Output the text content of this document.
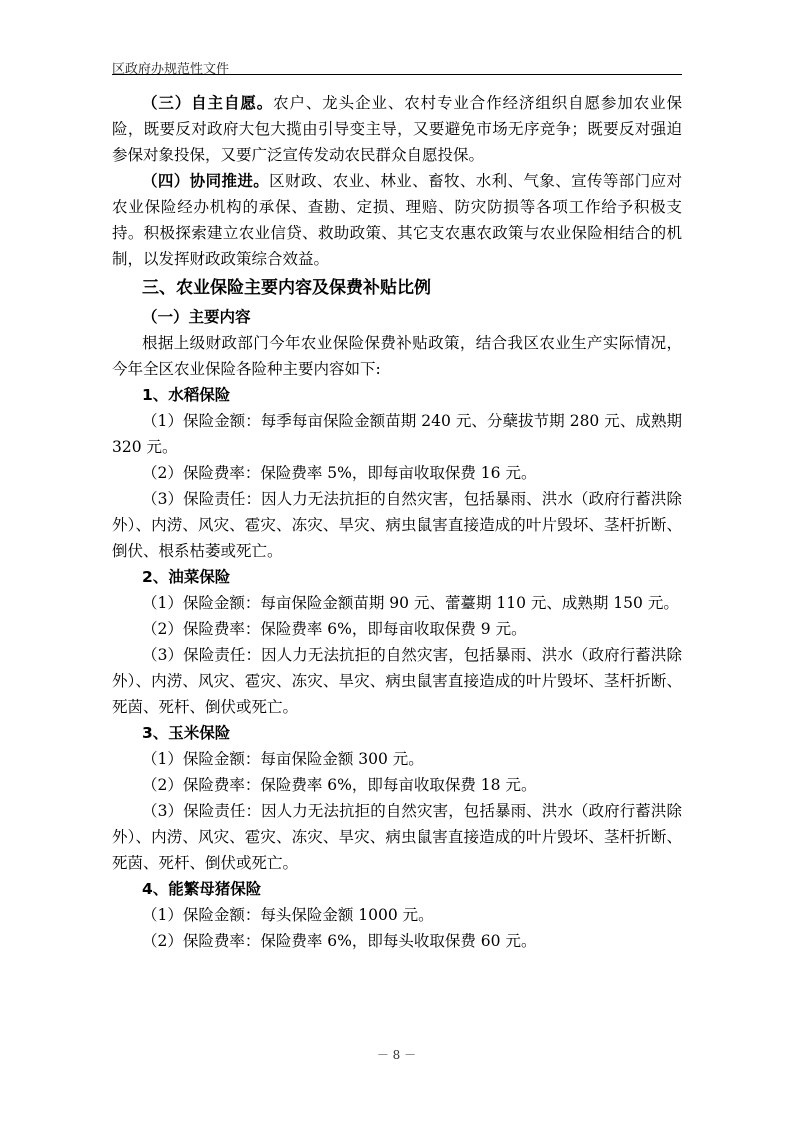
区政府办规范性文件

（三）自主自愿。农户、龙头企业、农村专业合作经济组织自愿参加农业保险，既要反对政府大包大揽由引导变主导，又要避免市场无序竞争；既要反对强迫参保对象投保，又要广泛宣传发动农民群众自愿投保。

（四）协同推进。区财政、农业、林业、畜牧、水利、气象、宣传等部门应对农业保险经办机构的承保、查勘、定损、理赔、防灾防损等各项工作给予积极支持。积极探索建立农业信贷、救助政策、其它支农惠农政策与农业保险相结合的机制，以发挥财政政策综合效益。

三、农业保险主要内容及保费补贴比例

（一）主要内容

根据上级财政部门今年农业保险保费补贴政策，结合我区农业生产实际情况，今年全区农业保险各险种主要内容如下:

1、水稻保险

（1）保险金额：每季每亩保险金额苗期 240 元、分蘖拔节期 280 元、成熟期 320 元。

（2）保险费率：保险费率 5%，即每亩收取保费 16 元。

（3）保险责任：因人力无法抗拒的自然灾害，包括暴雨、洪水（政府行蓄洪除外）、内涝、风灾、雹灾、冻灾、旱灾、病虫鼠害直接造成的叶片毁坏、茎杆折断、倒伏、根系枯萎或死亡。

2、油菜保险

（1）保险金额：每亩保险金额苗期 90 元、蕾薹期 110 元、成熟期 150 元。

（2）保险费率：保险费率 6%，即每亩收取保费 9 元。

（3）保险责任：因人力无法抗拒的自然灾害，包括暴雨、洪水（政府行蓄洪除外）、内涝、风灾、雹灾、冻灾、旱灾、病虫鼠害直接造成的叶片毁坏、茎杆折断、死茵、死杆、倒伏或死亡。

3、玉米保险

（1）保险金额：每亩保险金额 300 元。

（2）保险费率：保险费率 6%，即每亩收取保费 18 元。

（3）保险责任：因人力无法抗拒的自然灾害，包括暴雨、洪水（政府行蓄洪除外）、内涝、风灾、雹灾、冻灾、旱灾、病虫鼠害直接造成的叶片毁坏、茎杆折断、死茵、死杆、倒伏或死亡。

4、能繁母猪保险

（1）保险金额：每头保险金额 1000 元。

（2）保险费率：保险费率 6%，即每头收取保费 60 元。

－ 8 －
